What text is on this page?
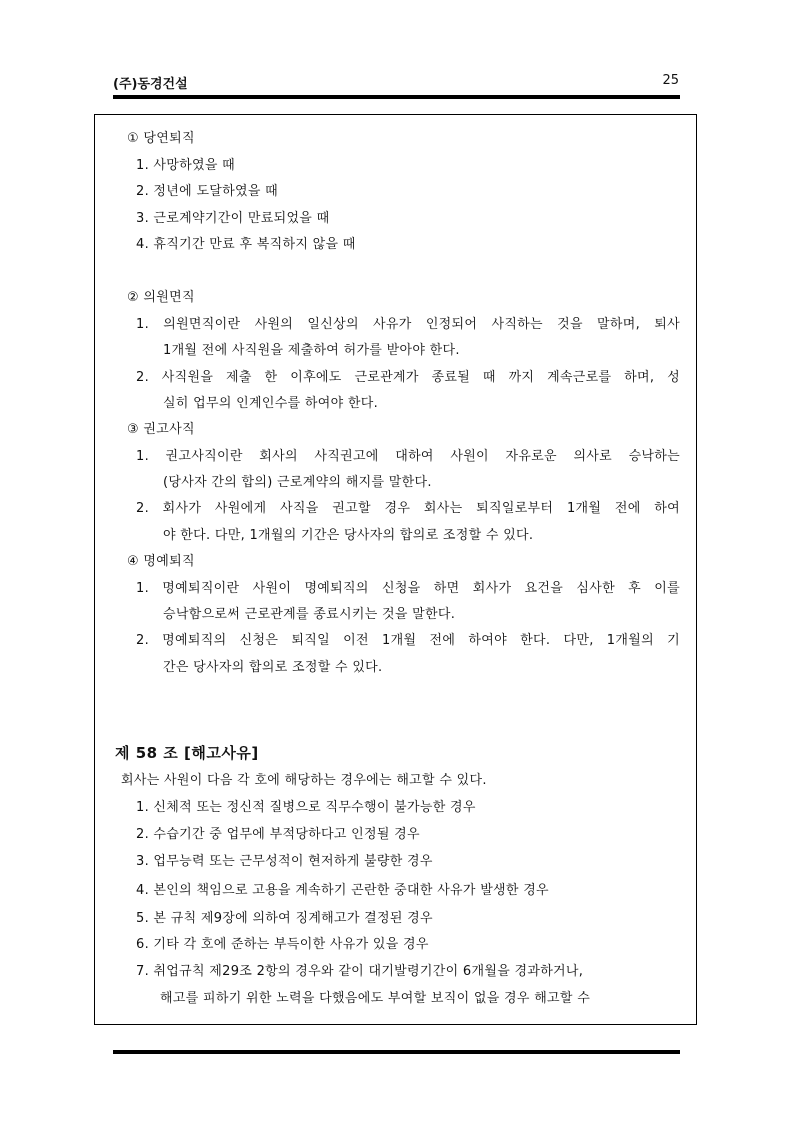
(주)동경건설	25
① 당연퇴직
1. 사망하였을 때
2. 정년에 도달하였을 때
3. 근로계약기간이 만료되었을 때
4. 휴직기간 만료 후 복직하지 않을 때
② 의원면직
1. 의원면직이란 사원의 일신상의 사유가 인정되어 사직하는 것을 말하며, 퇴사
1개월 전에 사직원을 제출하여 허가를 받아야 한다.
2. 사직원을 제출 한 이후에도 근로관계가 종료될 때 까지 계속근로를 하며, 성
실히 업무의 인계인수를 하여야 한다.
③ 권고사직
1. 권고사직이란 회사의 사직권고에 대하여 사원이 자유로운 의사로 승낙하는
(당사자 간의 합의) 근로계약의 해지를 말한다.
2. 회사가 사원에게 사직을 권고할 경우 회사는 퇴직일로부터 1개월 전에 하여
야 한다. 다만, 1개월의 기간은 당사자의 합의로 조정할 수 있다.
④ 명예퇴직
1. 명예퇴직이란 사원이 명예퇴직의 신청을 하면 회사가 요건을 심사한 후 이를
승낙함으로써 근로관계를 종료시키는 것을 말한다.
2. 명예퇴직의 신청은 퇴직일 이전 1개월 전에 하여야 한다. 다만, 1개월의 기
간은 당사자의 합의로 조정할 수 있다.
제 58 조 [해고사유]
회사는 사원이 다음 각 호에 해당하는 경우에는 해고할 수 있다.
1. 신체적 또는 정신적 질병으로 직무수행이 불가능한 경우
2. 수습기간 중 업무에 부적당하다고 인정될 경우
3. 업무능력 또는 근무성적이 현저하게 불량한 경우
4. 본인의 책임으로 고용을 계속하기 곤란한 중대한 사유가 발생한 경우
5. 본 규칙 제9장에 의하여 징계해고가 결정된 경우
6. 기타 각 호에 준하는 부득이한 사유가 있을 경우
7. 취업규칙 제29조 2항의 경우와 같이 대기발령기간이 6개월을 경과하거나,
해고를 피하기 위한 노력을 다했음에도 부여할 보직이 없을 경우 해고할 수
